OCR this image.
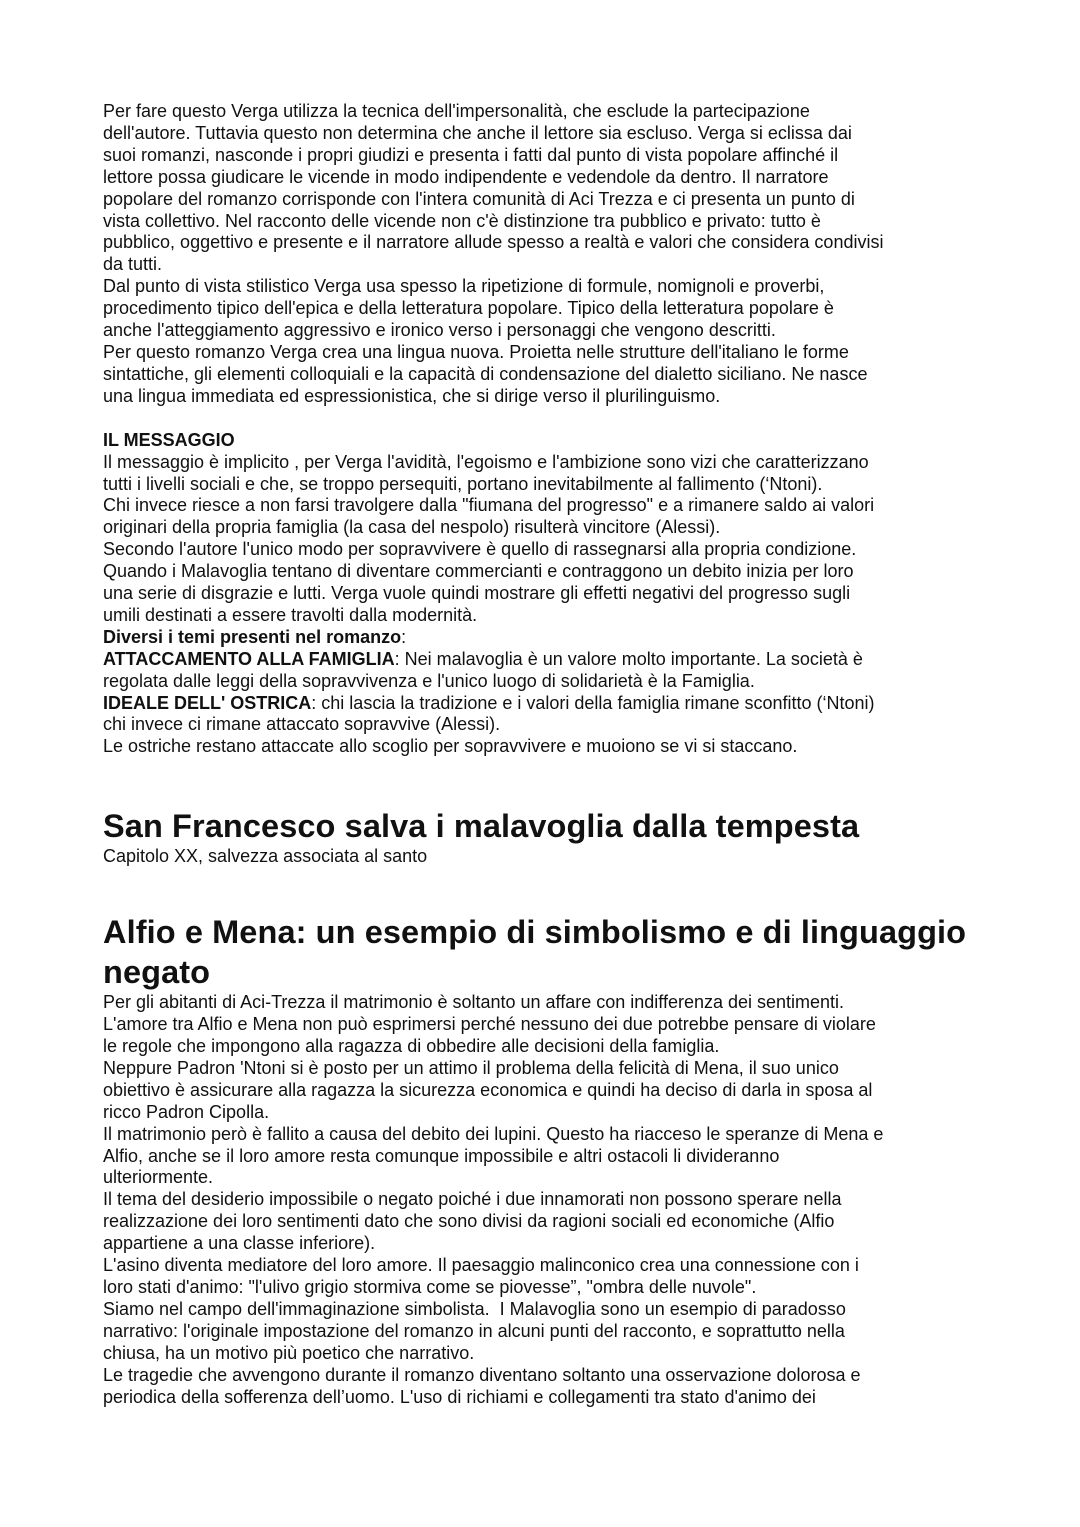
Per fare questo Verga utilizza la tecnica dell'impersonalità, che esclude la partecipazione
dell'autore. Tuttavia questo non determina che anche il lettore sia escluso. Verga si eclissa dai
suoi romanzi, nasconde i propri giudizi e presenta i fatti dal punto di vista popolare affinché il
lettore possa giudicare le vicende in modo indipendente e vedendole da dentro. Il narratore
popolare del romanzo corrisponde con l'intera comunità di Aci Trezza e ci presenta un punto di
vista collettivo. Nel racconto delle vicende non c'è distinzione tra pubblico e privato: tutto è
pubblico, oggettivo e presente e il narratore allude spesso a realtà e valori che considera condivisi
da tutti.
Dal punto di vista stilistico Verga usa spesso la ripetizione di formule, nomignoli e proverbi,
procedimento tipico dell'epica e della letteratura popolare. Tipico della letteratura popolare è
anche l'atteggiamento aggressivo e ironico verso i personaggi che vengono descritti.
Per questo romanzo Verga crea una lingua nuova. Proietta nelle strutture dell'italiano le forme
sintattiche, gli elementi colloquiali e la capacità di condensazione del dialetto siciliano. Ne nasce
una lingua immediata ed espressionistica, che si dirige verso il plurilinguismo.
IL MESSAGGIO
Il messaggio è implicito , per Verga l'avidità, l'egoismo e l'ambizione sono vizi che caratterizzano
tutti i livelli sociali e che, se troppo persequiti, portano inevitabilmente al fallimento (‘Ntoni).
Chi invece riesce a non farsi travolgere dalla "fiumana del progresso" e a rimanere saldo ai valori
originari della propria famiglia (la casa del nespolo) risulterà vincitore (Alessi).
Secondo l'autore l'unico modo per sopravvivere è quello di rassegnarsi alla propria condizione.
Quando i Malavoglia tentano di diventare commercianti e contraggono un debito inizia per loro
una serie di disgrazie e lutti. Verga vuole quindi mostrare gli effetti negativi del progresso sugli
umili destinati a essere travolti dalla modernità.
Diversi i temi presenti nel romanzo:
ATTACCAMENTO ALLA FAMIGLIA: Nei malavoglia è un valore molto importante. La società è
regolata dalle leggi della sopravvivenza e l'unico luogo di solidarietà è la Famiglia.
IDEALE DELL' OSTRICA: chi lascia la tradizione e i valori della famiglia rimane sconfitto (‘Ntoni)
chi invece ci rimane attaccato sopravvive (Alessi).
Le ostriche restano attaccate allo scoglio per sopravvivere e muoiono se vi si staccano.
San Francesco salva i malavoglia dalla tempesta
Capitolo XX, salvezza associata al santo
Alfio e Mena: un esempio di simbolismo e di linguaggio
negato
Per gli abitanti di Aci-Trezza il matrimonio è soltanto un affare con indifferenza dei sentimenti.
L'amore tra Alfio e Mena non può esprimersi perché nessuno dei due potrebbe pensare di violare
le regole che impongono alla ragazza di obbedire alle decisioni della famiglia.
Neppure Padron 'Ntoni si è posto per un attimo il problema della felicità di Mena, il suo unico
obiettivo è assicurare alla ragazza la sicurezza economica e quindi ha deciso di darla in sposa al
ricco Padron Cipolla.
Il matrimonio però è fallito a causa del debito dei lupini. Questo ha riacceso le speranze di Mena e
Alfio, anche se il loro amore resta comunque impossibile e altri ostacoli li divideranno
ulteriormente.
Il tema del desiderio impossibile o negato poiché i due innamorati non possono sperare nella
realizzazione dei loro sentimenti dato che sono divisi da ragioni sociali ed economiche (Alfio
appartiene a una classe inferiore).
L'asino diventa mediatore del loro amore. Il paesaggio malinconico crea una connessione con i
loro stati d'animo: "l'ulivo grigio stormiva come se piovesse”, "ombra delle nuvole".
Siamo nel campo dell'immaginazione simbolista.  I Malavoglia sono un esempio di paradosso
narrativo: l'originale impostazione del romanzo in alcuni punti del racconto, e soprattutto nella
chiusa, ha un motivo più poetico che narrativo.
Le tragedie che avvengono durante il romanzo diventano soltanto una osservazione dolorosa e
periodica della sofferenza dell’uomo. L'uso di richiami e collegamenti tra stato d'animo dei
